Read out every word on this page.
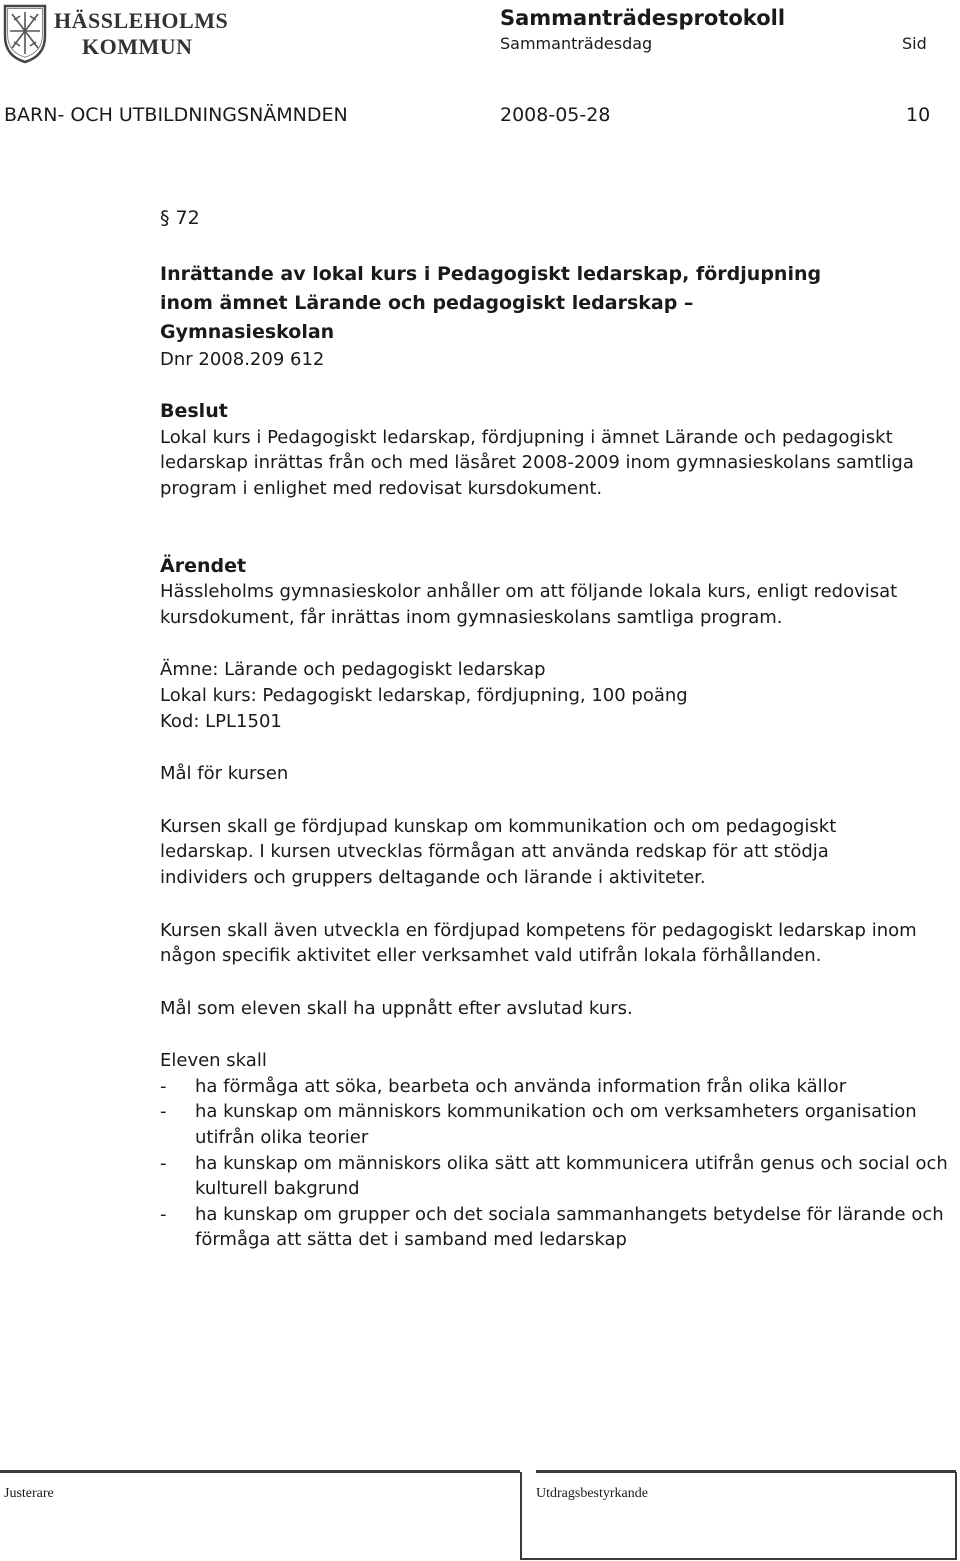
HÄSSLEHOLMS
KOMMUN
Sammanträdesprotokoll
Sammanträdesdag	Sid
BARN- OCH UTBILDNINGSNÄMNDEN	2008-05-28	10

§ 72

Inrättande av lokal kurs i Pedagogiskt ledarskap, fördjupning inom ämnet Lärande och pedagogiskt ledarskap – Gymnasieskolan

Dnr 2008.209 612

Beslut

Lokal kurs i Pedagogiskt ledarskap, fördjupning i ämnet Lärande och pedagogiskt ledarskap inrättas från och med läsåret 2008-2009 inom gymnasieskolans samtliga program i enlighet med redovisat kursdokument.

Ärendet

Hässleholms gymnasieskolor anhåller om att följande lokala kurs, enligt redovisat kursdokument, får inrättas inom gymnasieskolans samtliga program.

Ämne: Lärande och pedagogiskt ledarskap

Lokal kurs: Pedagogiskt ledarskap, fördjupning, 100 poäng

Kod: LPL1501

Mål för kursen

Kursen skall ge fördjupad kunskap om kommunikation och om pedagogiskt ledarskap. I kursen utvecklas förmågan att använda redskap för att stödja individers och gruppers deltagande och lärande i aktiviteter.

Kursen skall även utveckla en fördjupad kompetens för pedagogiskt ledarskap inom någon specifik aktivitet eller verksamhet vald utifrån lokala förhållanden.

Mål som eleven skall ha uppnått efter avslutad kurs.

Eleven skall

- ha förmåga att söka, bearbeta och använda information från olika källor
- ha kunskap om människors kommunikation och om verksamheters organisation utifrån olika teorier
- ha kunskap om människors olika sätt att kommunicera utifrån genus och social och kulturell bakgrund
- ha kunskap om grupper och det sociala sammanhangets betydelse för lärande och förmåga att sätta det i samband med ledarskap
Justerare	Utdragsbestyrkande
